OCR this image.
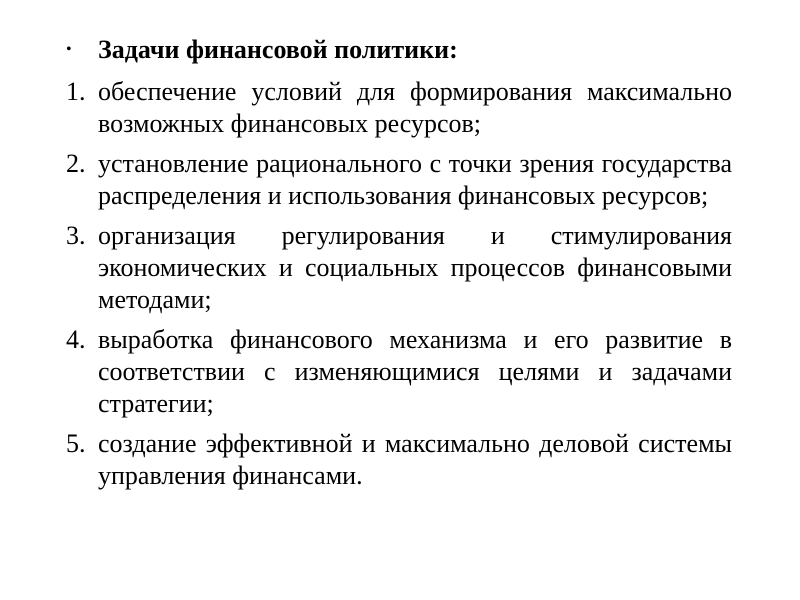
•	Задачи финансовой политики:
1. обеспечение условий для формирования максимально возможных финансовых ресурсов;
2. установление рационального с точки зрения государства распределения и использования финансовых ресурсов;
3. организация регулирования и стимулирования экономических и социальных процессов финансовыми методами;
4. выработка финансового механизма и его развитие в соответствии с изменяющимися целями и задачами стратегии;
5. создание эффективной и максимально деловой системы управления финансами.
